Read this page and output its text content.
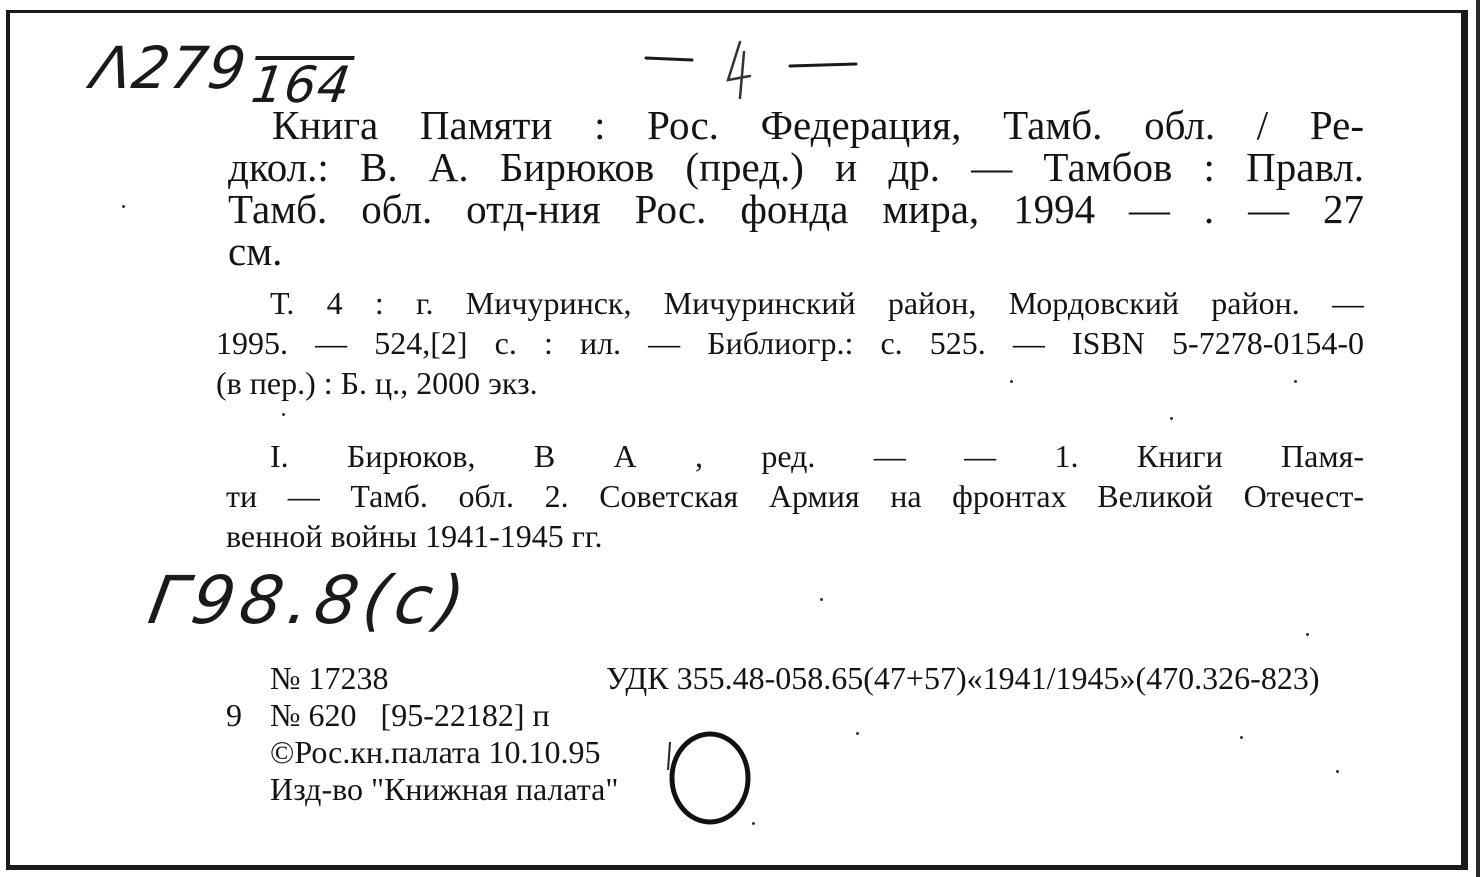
Λ279164
Книга Памяти : Рос. Федерация, Тамб. обл. / Ре-
дкол.: В. А. Бирюков (пред.) и др. — Тамбов : Правл.
Тамб. обл. отд-ния Рос. фонда мира, 1994 — . — 27
см.
Т. 4 : г. Мичуринск, Мичуринский район, Мордовский район. —
1995. — 524,[2] с. : ил. — Библиогр.: с. 525. — ISBN 5-7278-0154-0
(в пер.) : Б. ц., 2000 экз.
I. Бирюков, В А , ред. — — 1. Книги Памя-
ти — Тамб. обл. 2. Советская Армия на фронтах Великой Отечест-
венной войны 1941-1945 гг.
Г98.8(с)
№ 17238	УДК 355.48-058.65(47+57)«1941/1945»(470.326-823)
9 № 620   [95-22182] п
©Рос.кн.палата 10.10.95
Изд-во "Книжная палата"
